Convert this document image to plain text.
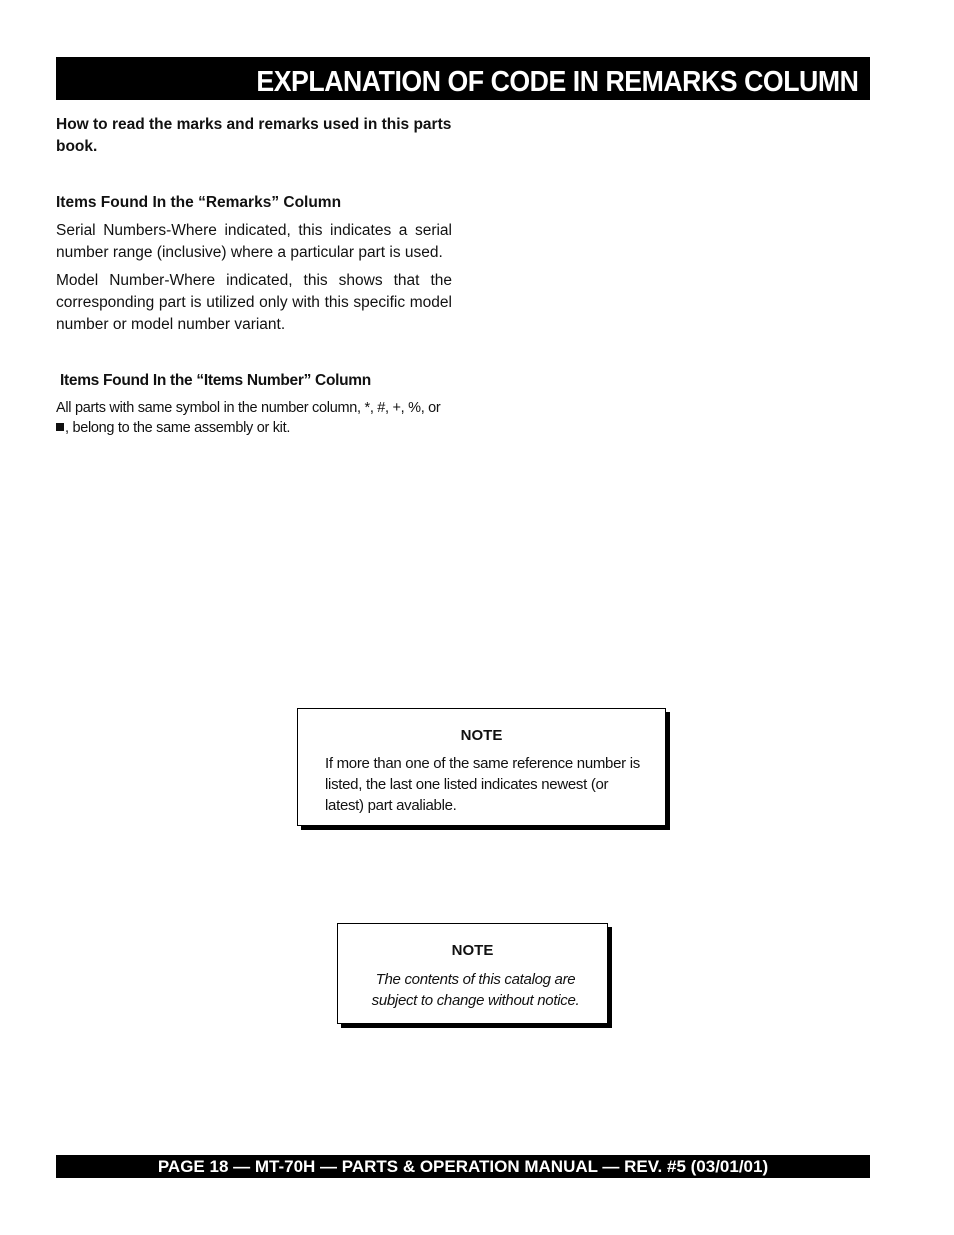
EXPLANATION OF CODE IN REMARKS COLUMN
How to read the marks and remarks used in this parts book.
Items Found In the “Remarks” Column
Serial Numbers-Where indicated, this indicates a serial number range (inclusive) where a particular part is used.
Model Number-Where indicated, this shows that the corresponding part is utilized only with this specific model number or model number variant.
Items Found In the “Items Number” Column
All parts with same symbol in the number column, *, #, +, %, or
, belong to the same assembly or kit.
NOTE
If more than one of the same reference number is listed, the last one listed indicates newest (or latest) part avaliable.
NOTE
The contents of this catalog are subject to change without notice.
PAGE 18 — MT-70H — PARTS & OPERATION MANUAL — REV. #5 (03/01/01)
